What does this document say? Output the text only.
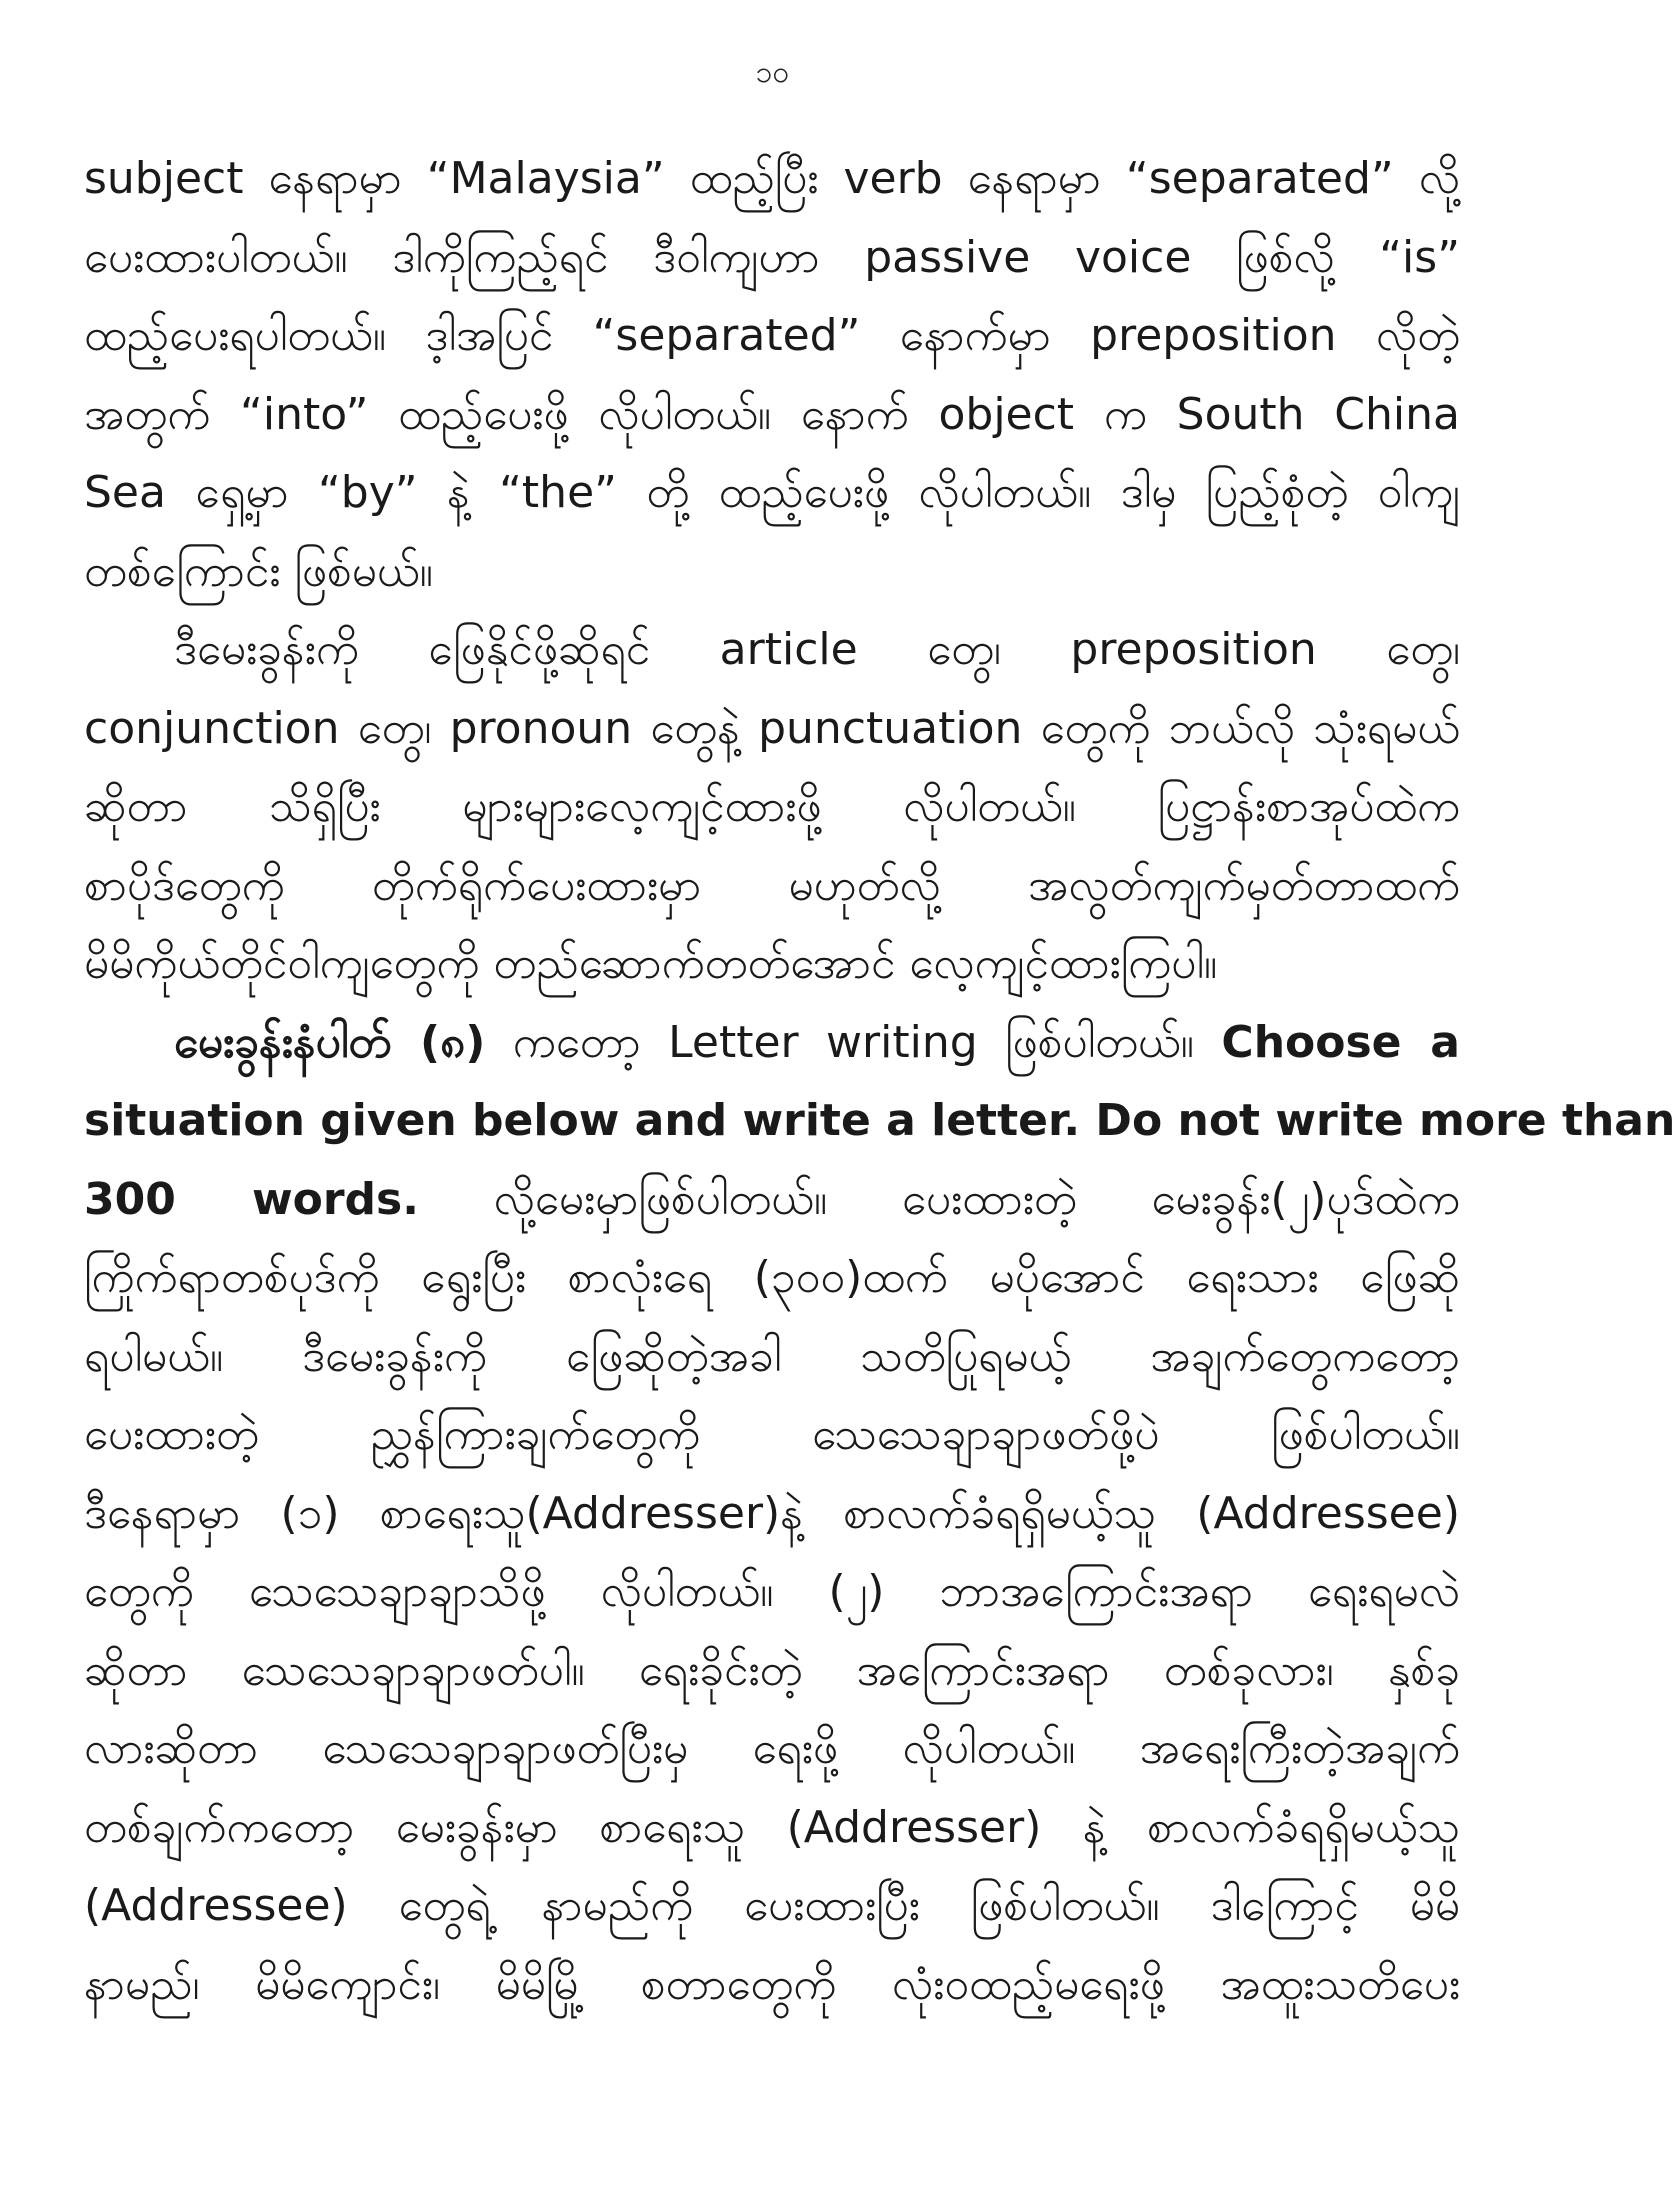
၁၀
subject နေရာမှာ “Malaysia” ထည့်ပြီး verb နေရာမှာ “separated” လို့
ပေးထားပါတယ်။ ဒါကိုကြည့်ရင် ဒီဝါကျဟာ passive voice ဖြစ်လို့ “is”
ထည့်ပေးရပါတယ်။ ဒ့ါအပြင် “separated” နောက်မှာ preposition လိုတဲ့
အတွက် “into” ထည့်ပေးဖို့ လိုပါတယ်။ နောက် object က South China
Sea ရှေ့မှာ “by” နဲ့ “the” တို့ ထည့်ပေးဖို့ လိုပါတယ်။ ဒါမှ ပြည့်စုံတဲ့ ဝါကျ
တစ်ကြောင်း ဖြစ်မယ်။
ဒီမေးခွန်းကို ဖြေနိုင်ဖို့ဆိုရင် article တွေ၊ preposition တွေ၊
conjunction တွေ၊ pronoun တွေနဲ့ punctuation တွေကို ဘယ်လို သုံးရမယ်
ဆိုတာ သိရှိပြီး များများလေ့ကျင့်ထားဖို့ လိုပါတယ်။ ပြဋ္ဌာန်းစာအုပ်ထဲက
စာပိုဒ်တွေကို တိုက်ရိုက်ပေးထားမှာ မဟုတ်လို့ အလွတ်ကျက်မှတ်တာထက်
မိမိကိုယ်တိုင်ဝါကျတွေကို တည်ဆောက်တတ်အောင် လေ့ကျင့်ထားကြပါ။
မေးခွန်းနံပါတ် (၈) ကတော့ Letter writing ဖြစ်ပါတယ်။ Choose a
situation given below and write a letter. Do not write more than
300 words. လို့မေးမှာဖြစ်ပါတယ်။ ပေးထားတဲ့ မေးခွန်း(၂)ပုဒ်ထဲက
ကြိုက်ရာတစ်ပုဒ်ကို ရွေးပြီး စာလုံးရေ (၃၀၀)ထက် မပိုအောင် ရေးသား ဖြေဆို
ရပါမယ်။ ဒီမေးခွန်းကို ဖြေဆိုတဲ့အခါ သတိပြုရမယ့် အချက်တွေကတော့
ပေးထားတဲ့ ညွှန်ကြားချက်တွေကို သေသေချာချာဖတ်ဖို့ပဲ ဖြစ်ပါတယ်။
ဒီနေရာမှာ (၁) စာရေးသူ(Addresser)နဲ့ စာလက်ခံရရှိမယ့်သူ (Addressee)
တွေကို သေသေချာချာသိဖို့ လိုပါတယ်။ (၂) ဘာအကြောင်းအရာ ရေးရမလဲ
ဆိုတာ သေသေချာချာဖတ်ပါ။ ရေးခိုင်းတဲ့ အကြောင်းအရာ တစ်ခုလား၊ နှစ်ခု
လားဆိုတာ သေသေချာချာဖတ်ပြီးမှ ရေးဖို့ လိုပါတယ်။ အရေးကြီးတဲ့အချက်
တစ်ချက်ကတော့ မေးခွန်းမှာ စာရေးသူ (Addresser) နဲ့ စာလက်ခံရရှိမယ့်သူ
(Addressee) တွေရဲ့ နာမည်ကို ပေးထားပြီး ဖြစ်ပါတယ်။ ဒါကြောင့် မိမိ
နာမည်၊ မိမိကျောင်း၊ မိမိမြို့ စတာတွေကို လုံးဝထည့်မရေးဖို့ အထူးသတိပေး
